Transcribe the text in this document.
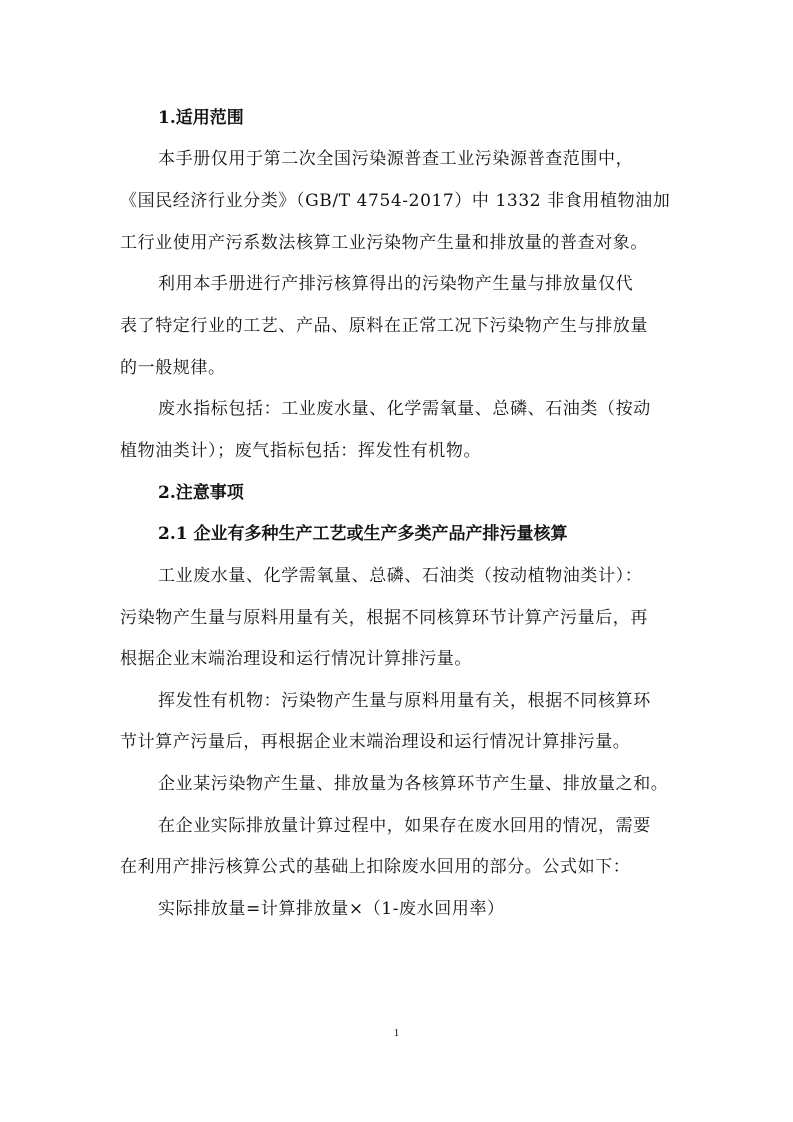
1.适用范围
本手册仅用于第二次全国污染源普查工业污染源普查范围中，
《国民经济行业分类》（GB/T 4754-2017）中 1332 非食用植物油加
工行业使用产污系数法核算工业污染物产生量和排放量的普查对象。
利用本手册进行产排污核算得出的污染物产生量与排放量仅代
表了特定行业的工艺、产品、原料在正常工况下污染物产生与排放量
的一般规律。
废水指标包括：工业废水量、化学需氧量、总磷、石油类（按动
植物油类计）；废气指标包括：挥发性有机物。
2.注意事项
2.1 企业有多种生产工艺或生产多类产品产排污量核算
工业废水量、化学需氧量、总磷、石油类（按动植物油类计）：
污染物产生量与原料用量有关，根据不同核算环节计算产污量后，再
根据企业末端治理设和运行情况计算排污量。
挥发性有机物：污染物产生量与原料用量有关，根据不同核算环
节计算产污量后，再根据企业末端治理设和运行情况计算排污量。
企业某污染物产生量、排放量为各核算环节产生量、排放量之和。
在企业实际排放量计算过程中，如果存在废水回用的情况，需要
在利用产排污核算公式的基础上扣除废水回用的部分。公式如下：
实际排放量=计算排放量×（1-废水回用率）
1
